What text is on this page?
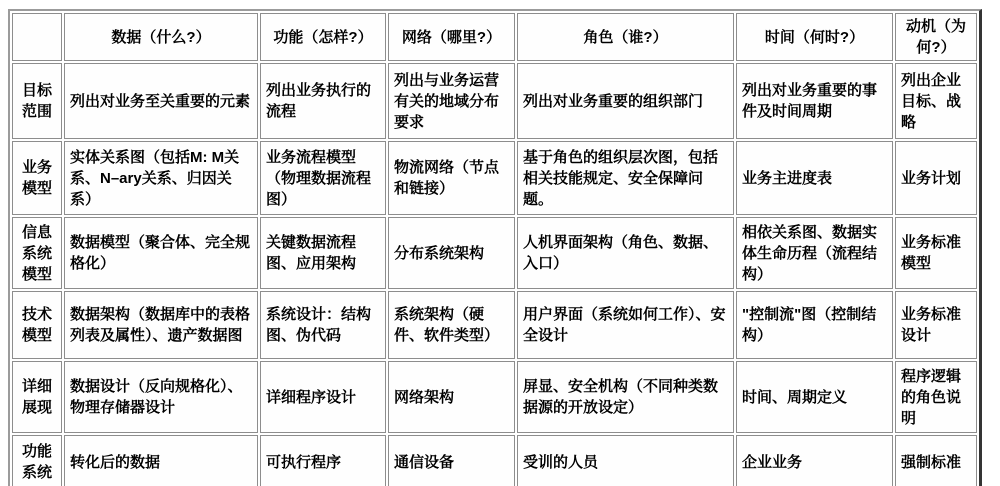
	数据（什么?）	功能（怎样?）	网络（哪里?）	角色（谁?）	时间（何时?）	动机（为何?）
目标范围	列出对业务至关重要的元素	列出业务执行的流程	列出与业务运营有关的地域分布要求	列出对业务重要的组织部门	列出对业务重要的事件及时间周期	列出企业目标、战略
业务模型	实体关系图（包括M: M关系、N–ary关系、归因关系）	业务流程模型（物理数据流程图）	物流网络（节点和链接）	基于角色的组织层次图，包括相关技能规定、安全保障问题。	业务主进度表	业务计划
信息系统模型	数据模型（聚合体、完全规格化）	关键数据流程图、应用架构	分布系统架构	人机界面架构（角色、数据、入口）	相依关系图、数据实体生命历程（流程结构）	业务标准模型
技术模型	数据架构（数据库中的表格列表及属性）、遗产数据图	系统设计：结构图、伪代码	系统架构（硬件、软件类型）	用户界面（系统如何工作）、安全设计	"控制流"图（控制结构）	业务标准设计
详细展现	数据设计（反向规格化）、物理存储器设计	详细程序设计	网络架构	屏显、安全机构（不同种类数据源的开放设定）	时间、周期定义	程序逻辑的角色说明
功能系统	转化后的数据	可执行程序	通信设备	受训的人员	企业业务	强制标准
